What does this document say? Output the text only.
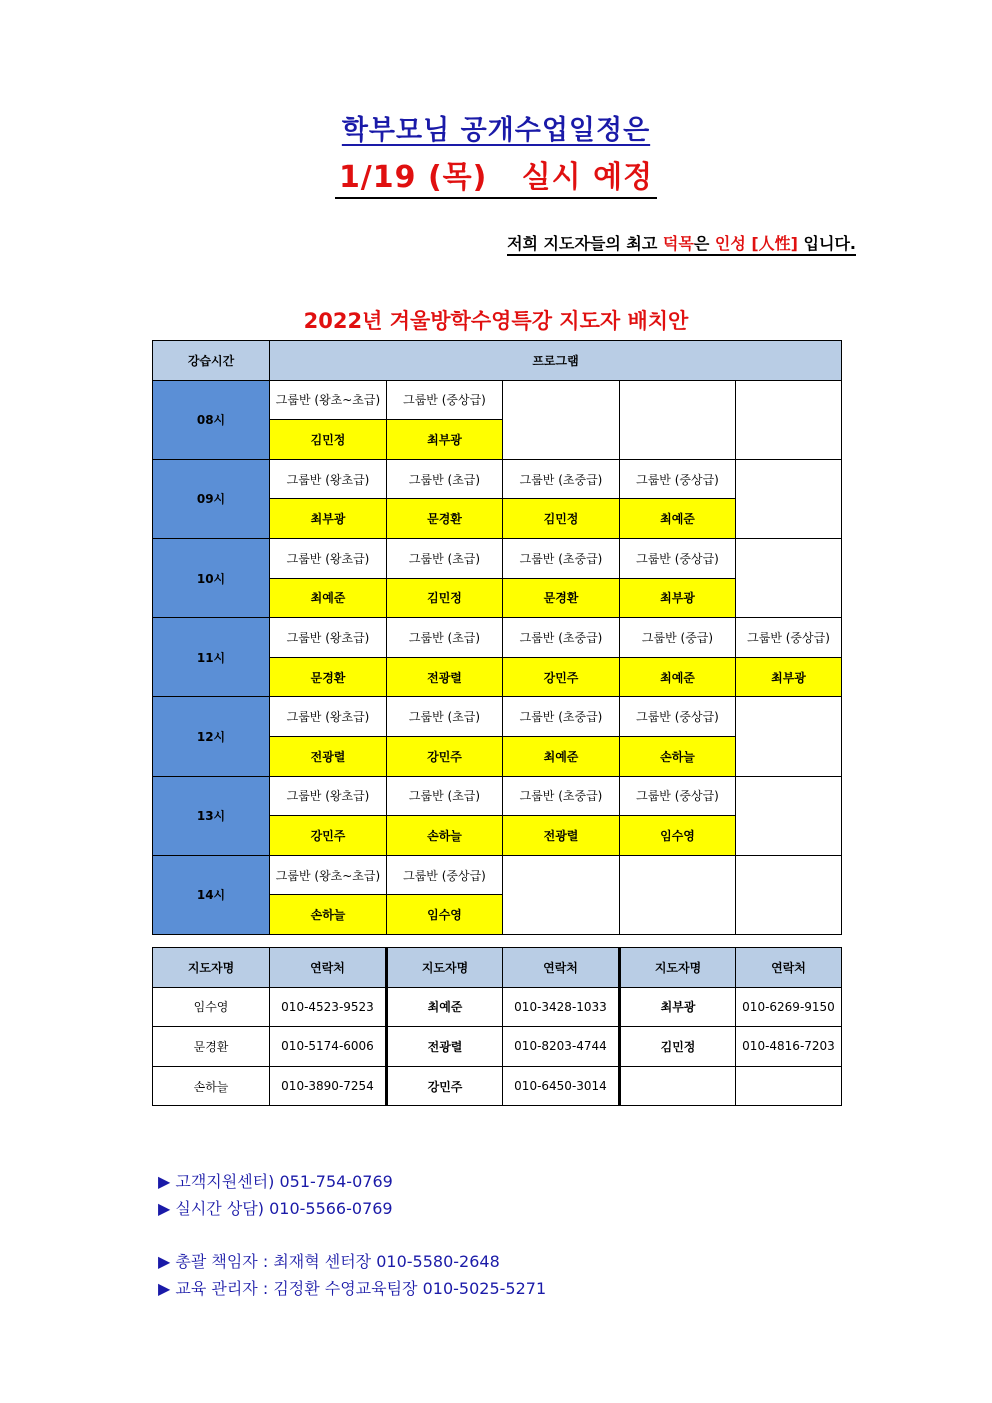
학부모님 공개수업일정은
1/19 (목)   실시 예정
저희 지도자들의 최고 덕목은 인성 [人性] 입니다.
2022년 겨울방학수영특강 지도자 배치안
강습시간	프로그램				
08시	그룹반 (왕초~초급)	그룹반 (중상급)			
	김민정	최부광			
09시	그룹반 (왕초급)	그룹반 (초급)	그룹반 (초중급)	그룹반 (중상급)	
	최부광	문경환	김민정	최예준	
10시	그룹반 (왕초급)	그룹반 (초급)	그룹반 (초중급)	그룹반 (중상급)	
	최예준	김민정	문경환	최부광	
11시	그룹반 (왕초급)	그룹반 (초급)	그룹반 (초중급)	그룹반 (중급)	그룹반 (중상급)
	문경환	전광렬	강민주	최예준	최부광
12시	그룹반 (왕초급)	그룹반 (초급)	그룹반 (초중급)	그룹반 (중상급)	
	전광렬	강민주	최예준	손하늘	
13시	그룹반 (왕초급)	그룹반 (초급)	그룹반 (초중급)	그룹반 (중상급)	
	강민주	손하늘	전광렬	임수영	
14시	그룹반 (왕초~초급)	그룹반 (중상급)			
	손하늘	임수영			
지도자명	연락처	지도자명	연락처	지도자명	연락처
임수영	010-4523-9523	최예준	010-3428-1033	최부광	010-6269-9150
문경환	010-5174-6006	전광렬	010-8203-4744	김민정	010-4816-7203
손하늘	010-3890-7254	강민주	010-6450-3014		
▶ 고객지원센터) 051-754-0769
▶ 실시간 상담) 010-5566-0769
▶ 총괄 책임자 : 최재혁 센터장 010-5580-2648
▶ 교육 관리자 : 김정환 수영교육팀장 010-5025-5271
